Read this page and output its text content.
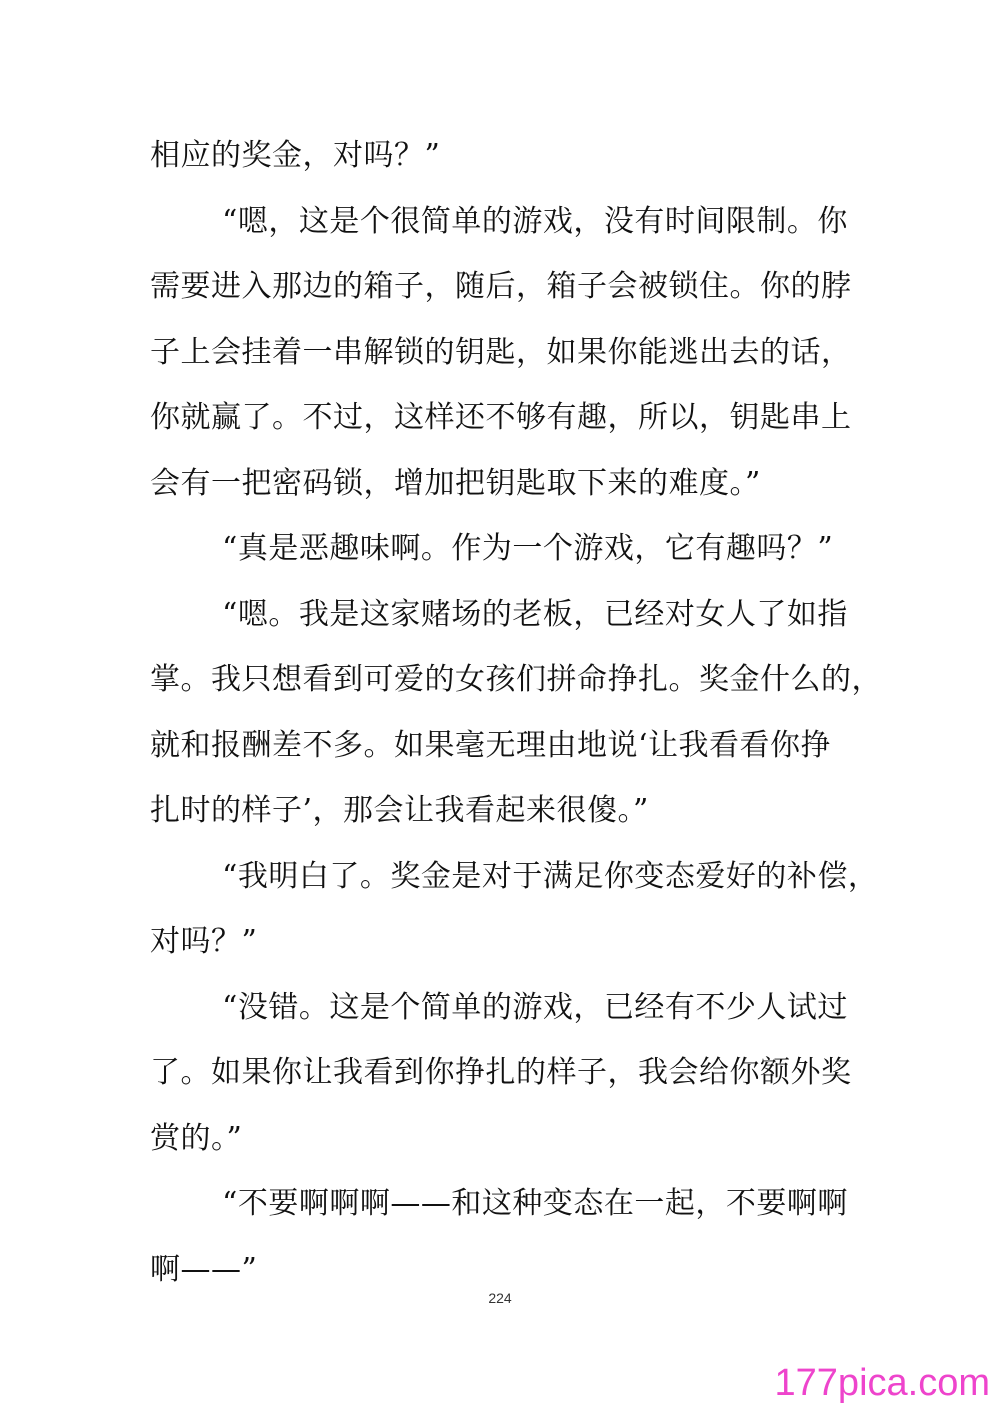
相应的奖金，对吗？”
“嗯，这是个很简单的游戏，没有时间限制。你
需要进入那边的箱子，随后，箱子会被锁住。你的脖
子上会挂着一串解锁的钥匙，如果你能逃出去的话，
你就赢了。不过，这样还不够有趣，所以，钥匙串上
会有一把密码锁，增加把钥匙取下来的难度。”
“真是恶趣味啊。作为一个游戏，它有趣吗？”
“嗯。我是这家赌场的老板，已经对女人了如指
掌。我只想看到可爱的女孩们拼命挣扎。奖金什么的，
就和报酬差不多。如果毫无理由地说‘让我看看你挣
扎时的样子’，那会让我看起来很傻。”
“我明白了。奖金是对于满足你变态爱好的补偿，
对吗？”
“没错。这是个简单的游戏，已经有不少人试过
了。如果你让我看到你挣扎的样子，我会给你额外奖
赏的。”
“不要啊啊啊——和这种变态在一起，不要啊啊
啊——”
224
177pica.com
